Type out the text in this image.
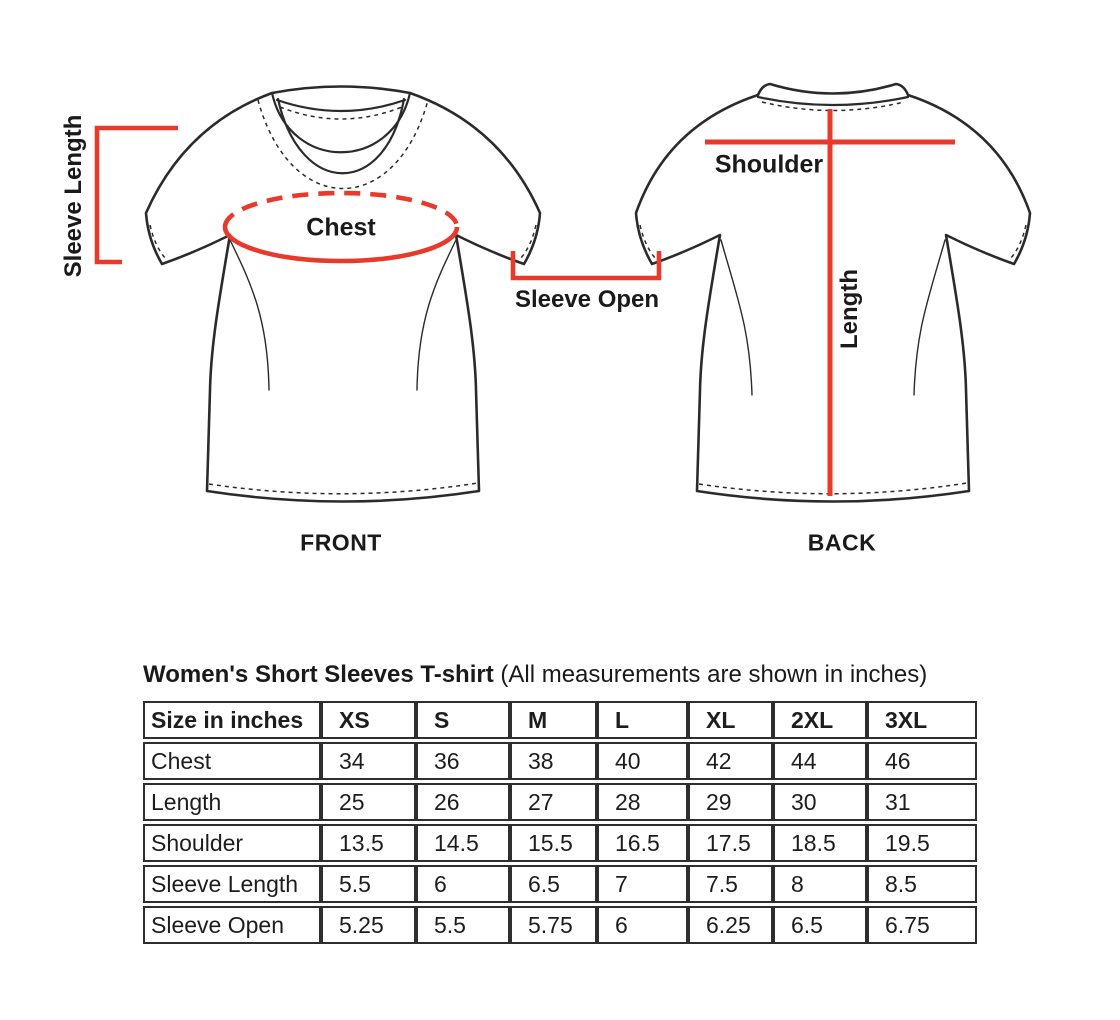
Sleeve Length	Chest
Sleeve Open
Shoulder
Length
FRONT	BACK
Women's Short Sleeves T-shirt (All measurements are shown in inches)
Size in inches	XS	S	M	L	XL	2XL	3XL
Chest	34	36	38	40	42	44	46
Length	25	26	27	28	29	30	31
Shoulder	13.5	14.5	15.5	16.5	17.5	18.5	19.5
Sleeve Length	5.5	6	6.5	7	7.5	8	8.5
Sleeve Open	5.25	5.5	5.75	6	6.25	6.5	6.75
